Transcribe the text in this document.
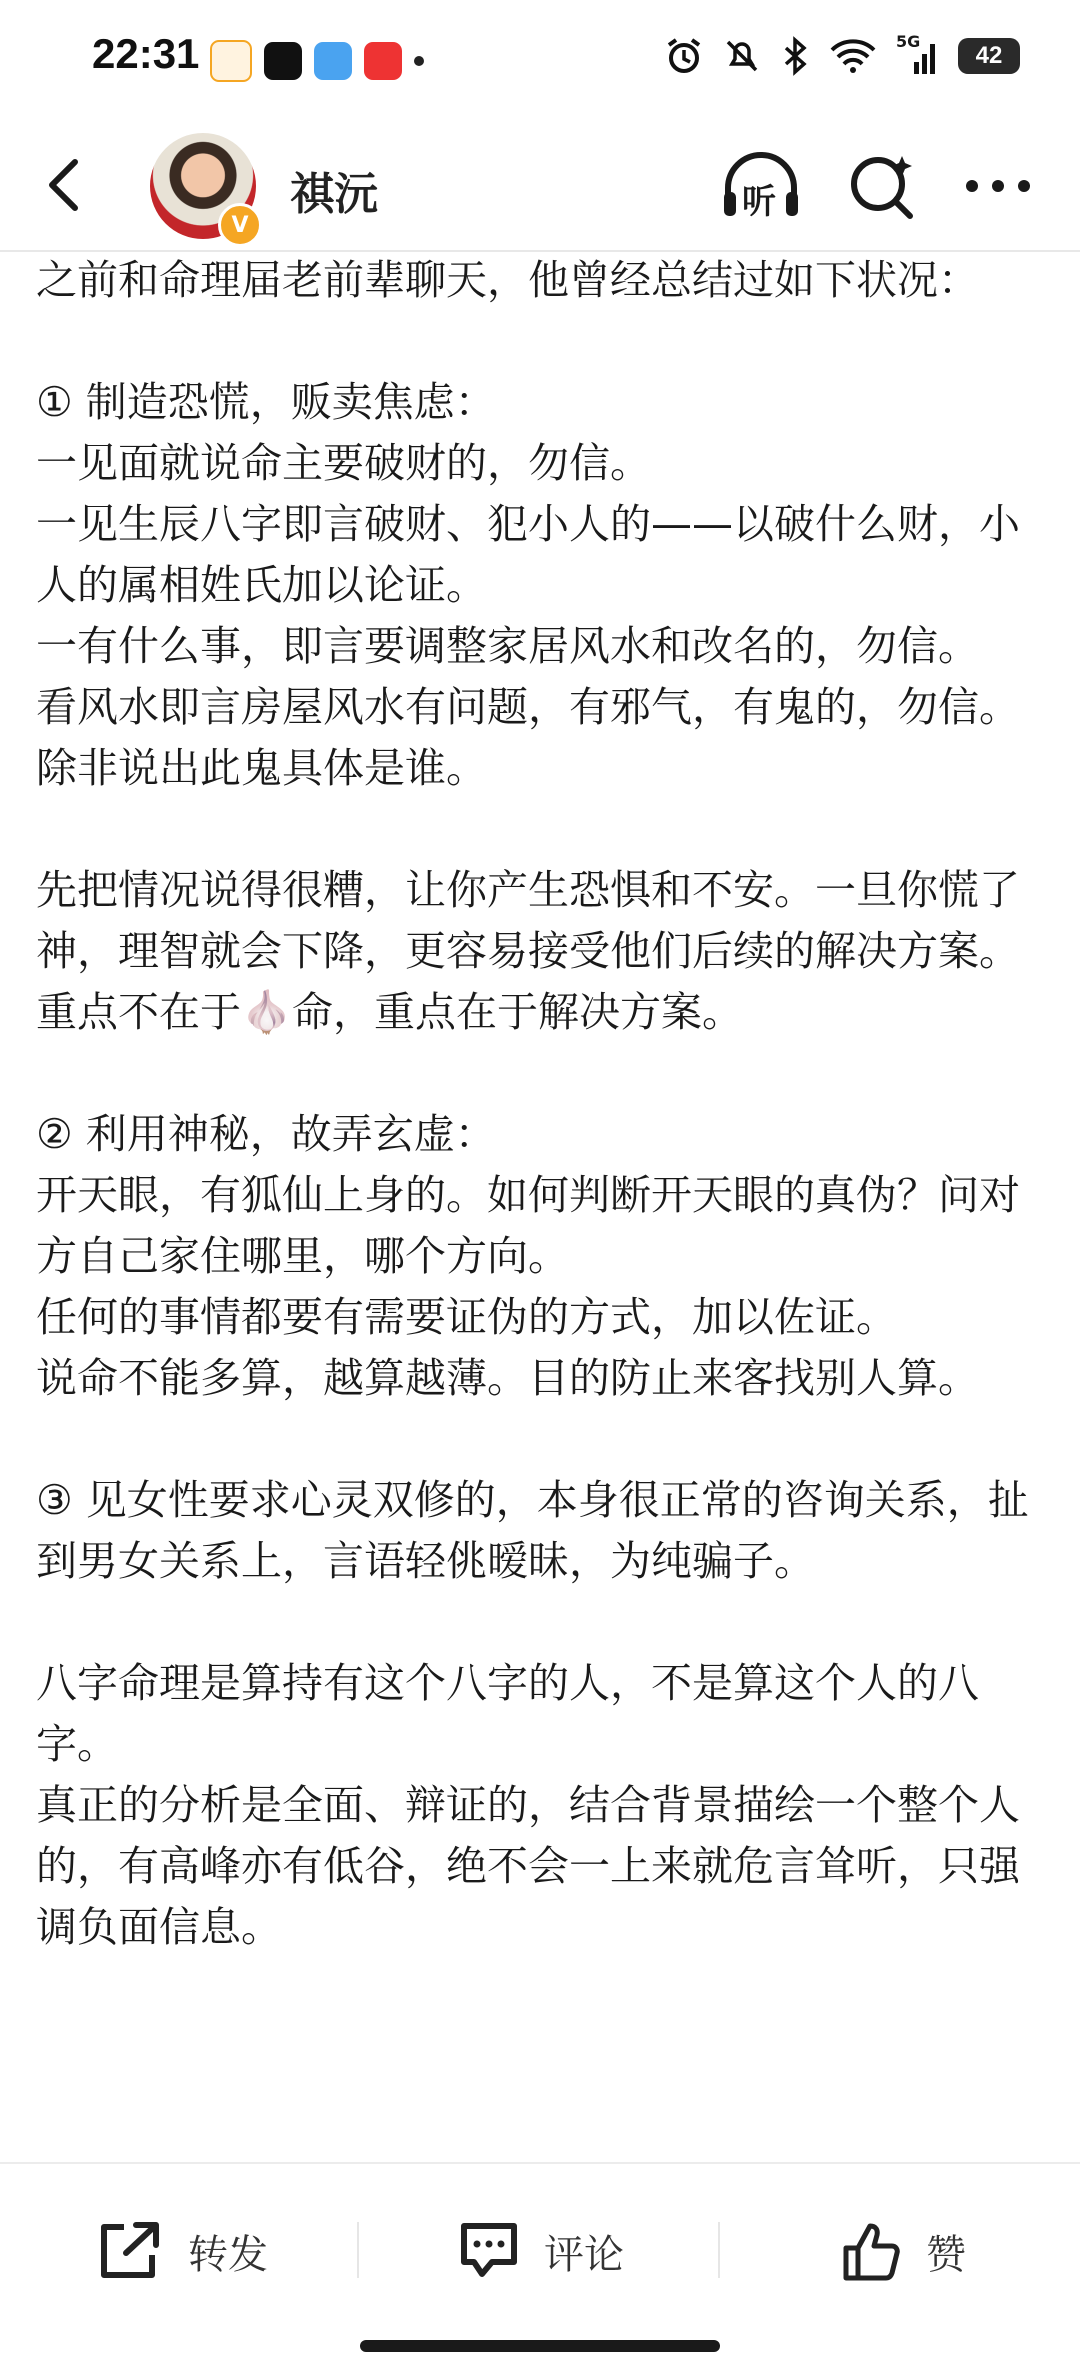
22:31	5G
42
V
祺沅	听

之前和命理届老前辈聊天，他曾经总结过如下状况：

① 制造恐慌，贩卖焦虑：

一见面就说命主要破财的，勿信。

一见生辰八字即言破财、犯小人的——以破什么财，小人的属相姓氏加以论证。

一有什么事，即言要调整家居风水和改名的，勿信。

看风水即言房屋风水有问题，有邪气，有鬼的，勿信。除非说出此鬼具体是谁。

先把情况说得很糟，让你产生恐惧和不安。一旦你慌了神，理智就会下降，更容易接受他们后续的解决方案。重点不在于🧄命，重点在于解决方案。

② 利用神秘，故弄玄虚：

开天眼，有狐仙上身的。如何判断开天眼的真伪？问对方自己家住哪里，哪个方向。

任何的事情都要有需要证伪的方式，加以佐证。

说命不能多算，越算越薄。目的防止来客找别人算。

③ 见女性要求心灵双修的，本身很正常的咨询关系，扯到男女关系上，言语轻佻暧昧，为纯骗子。

八字命理是算持有这个八字的人，不是算这个人的八字。

真正的分析是全面、辩证的，结合背景描绘一个整个人的，有高峰亦有低谷，绝不会一上来就危言耸听，只强调负面信息。

转发	评论	赞
